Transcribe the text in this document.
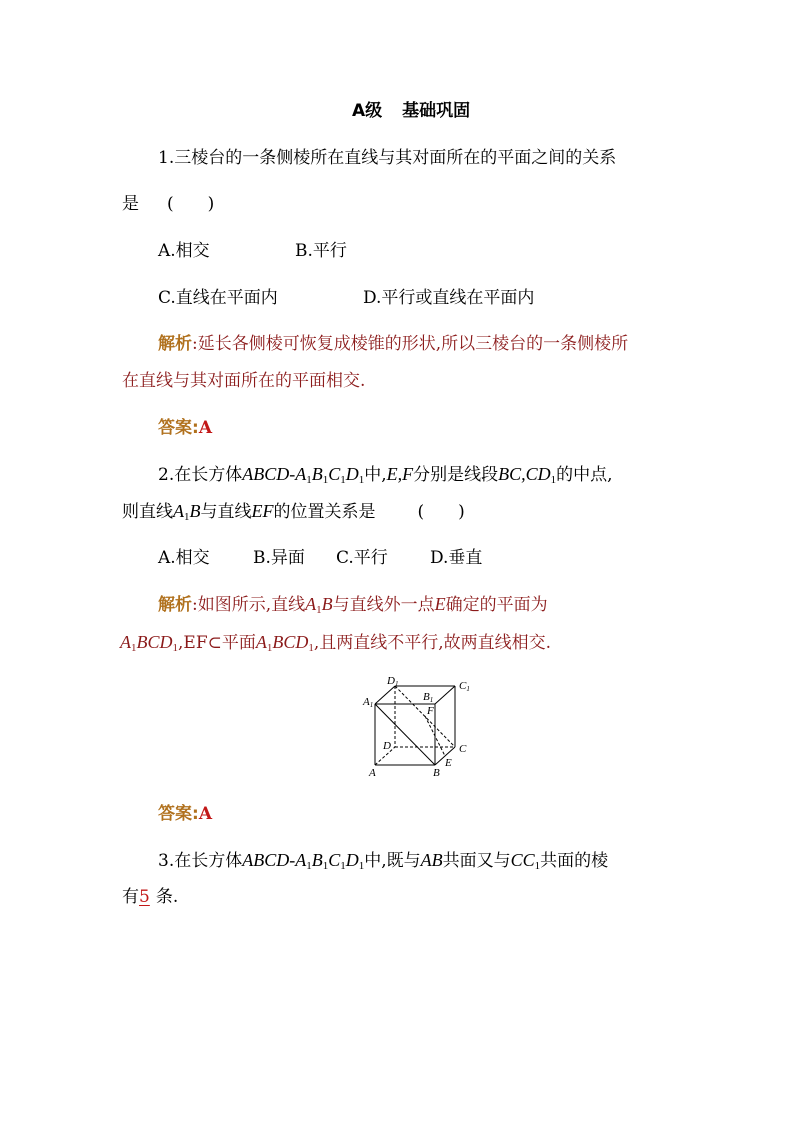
A级 基础巩固
1.三棱台的一条侧棱所在直线与其对面所在的平面之间的关系
是 (　　)
A.相交	B.平行
C.直线在平面内	D.平行或直线在平面内
解析:延长各侧棱可恢复成棱锥的形状,所以三棱台的一条侧棱所
在直线与其对面所在的平面相交.
答案:A
2.在长方体ABCD-$A_1B_1C_1D_1$中,E,F分别是线段$BC,CD_1$的中点,
则直线$A_1B$与直线EF的位置关系是 (　　)
A.相交	B.异面 C.平行 D.垂直
解析:如图所示,直线$A_1B$与直线外一点E确定的平面为
$A_1BCD_1,EF\subset$平面$A_1BCD_1$,且两直线不平行,故两直线相交.
A1
D1
B1
C1
F
D	C
E
B
A
答案:A
3.在长方体ABCD-$A_1B_1C_1D_1$中,既与AB共面又与$CC_1$共面的棱
有5 条.
